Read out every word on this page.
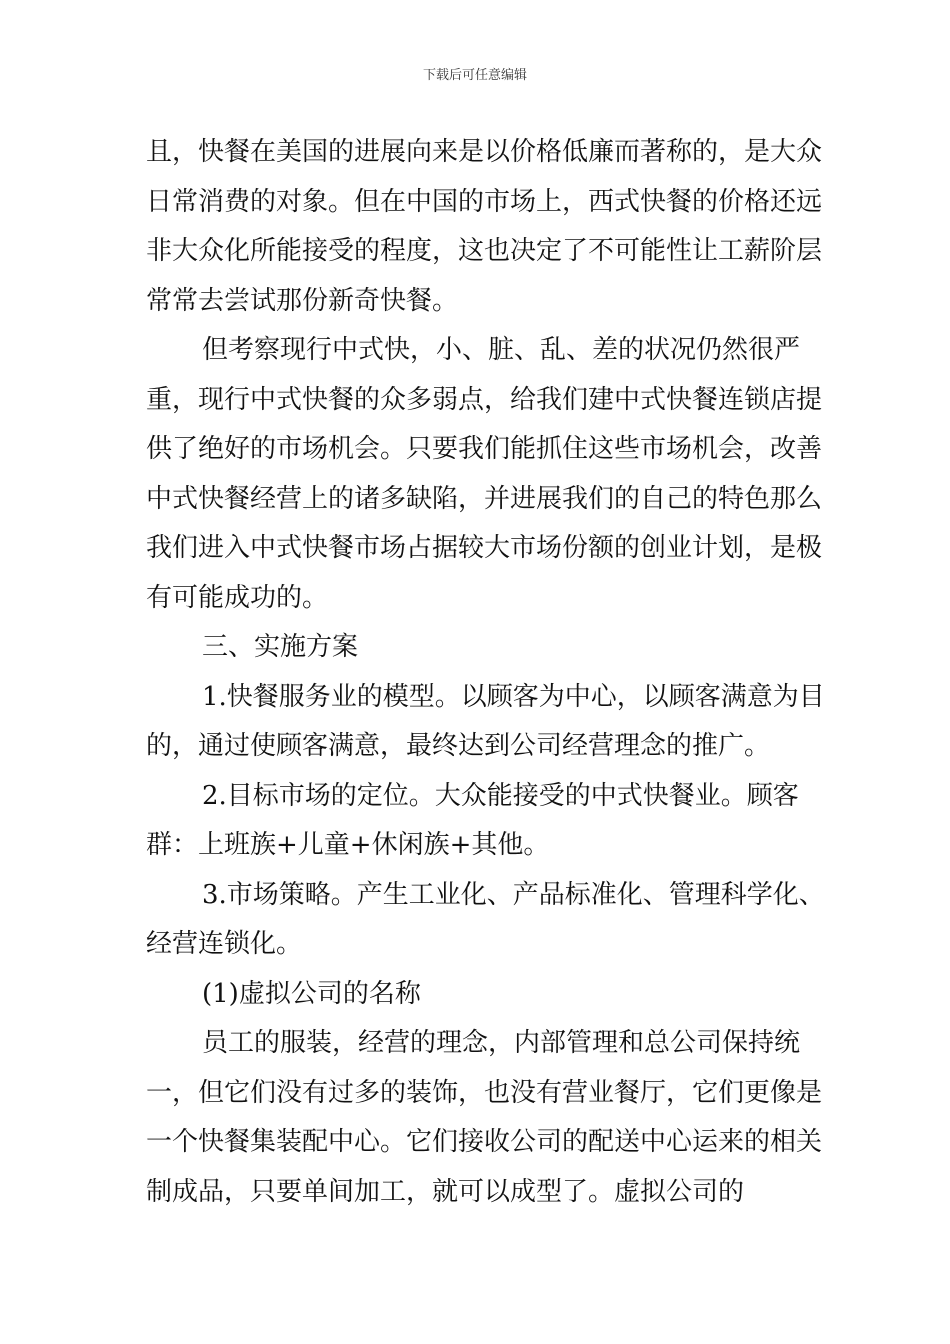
下载后可任意编辑

且，快餐在美国的进展向来是以价格低廉而著称的，是大众日常消费的对象。但在中国的市场上，西式快餐的价格还远非大众化所能接受的程度，这也决定了不可能性让工薪阶层常常去尝试那份新奇快餐。

但考察现行中式快，小、脏、乱、差的状况仍然很严重，现行中式快餐的众多弱点，给我们建中式快餐连锁店提供了绝好的市场机会。只要我们能抓住这些市场机会，改善中式快餐经营上的诸多缺陷，并进展我们的自己的特色那么我们进入中式快餐市场占据较大市场份额的创业计划，是极有可能成功的。

三、实施方案

1.快餐服务业的模型。以顾客为中心，以顾客满意为目的，通过使顾客满意，最终达到公司经营理念的推广。

2.目标市场的定位。大众能接受的中式快餐业。顾客群：上班族+儿童+休闲族+其他。

3.市场策略。产生工业化、产品标准化、管理科学化、经营连锁化。

(1)虚拟公司的名称

员工的服装，经营的理念，内部管理和总公司保持统一，但它们没有过多的装饰，也没有营业餐厅，它们更像是一个快餐集装配中心。它们接收公司的配送中心运来的相关制成品，只要单间加工，就可以成型了。虚拟公司的
